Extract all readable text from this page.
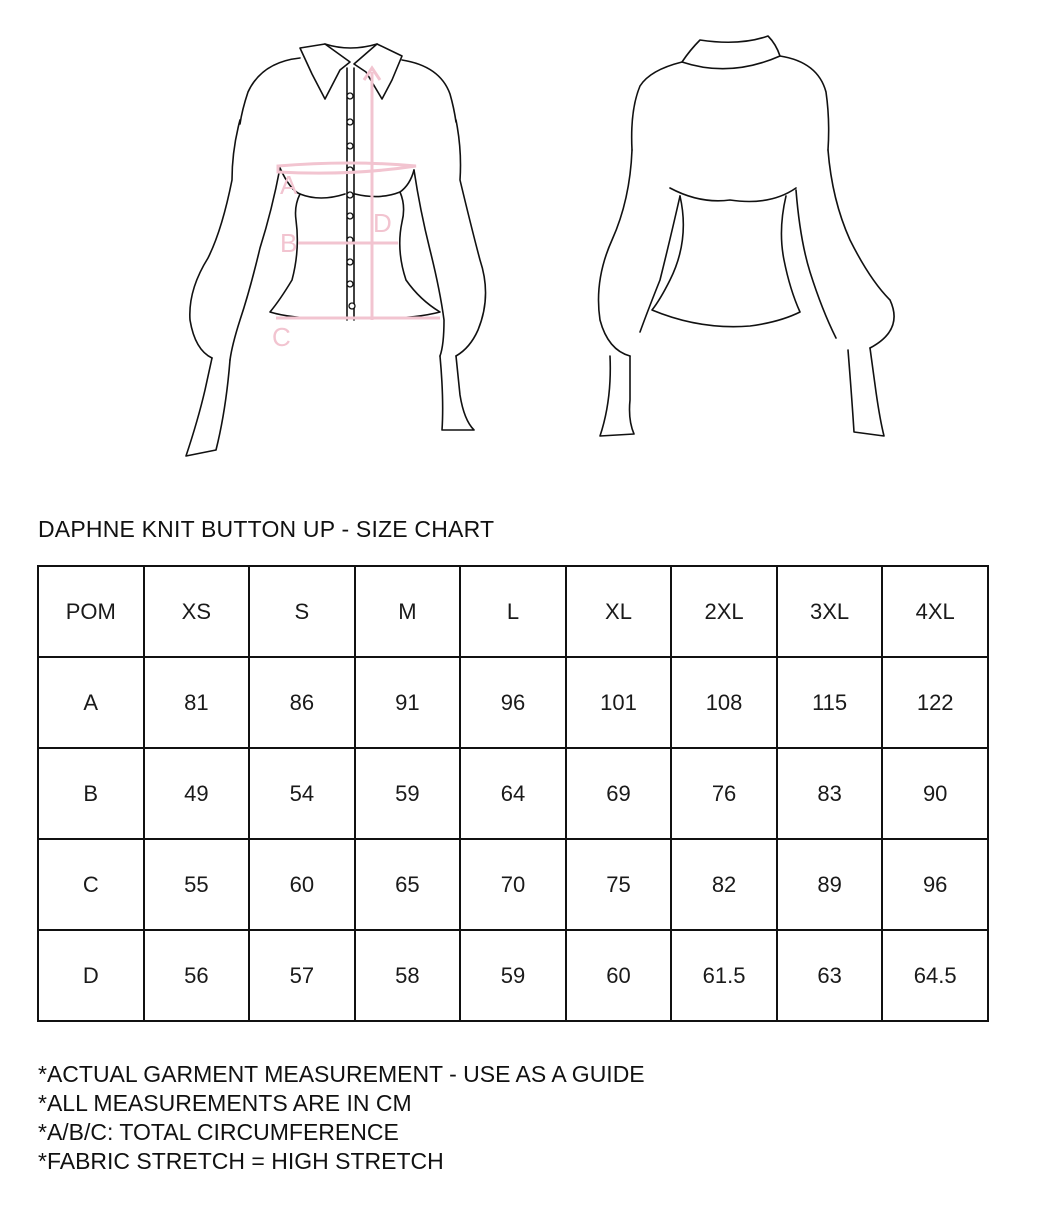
A
B
C
D
DAPHNE KNIT BUTTON UP - SIZE CHART
POM	XS	S	M	L	XL	2XL	3XL	4XL
A	81	86	91	96	101	108	115	122
B	49	54	59	64	69	76	83	90
C	55	60	65	70	75	82	89	96
D	56	57	58	59	60	61.5	63	64.5
*ACTUAL GARMENT MEASUREMENT - USE AS A GUIDE
*ALL MEASUREMENTS ARE IN CM
*A/B/C: TOTAL CIRCUMFERENCE
*FABRIC STRETCH = HIGH STRETCH
